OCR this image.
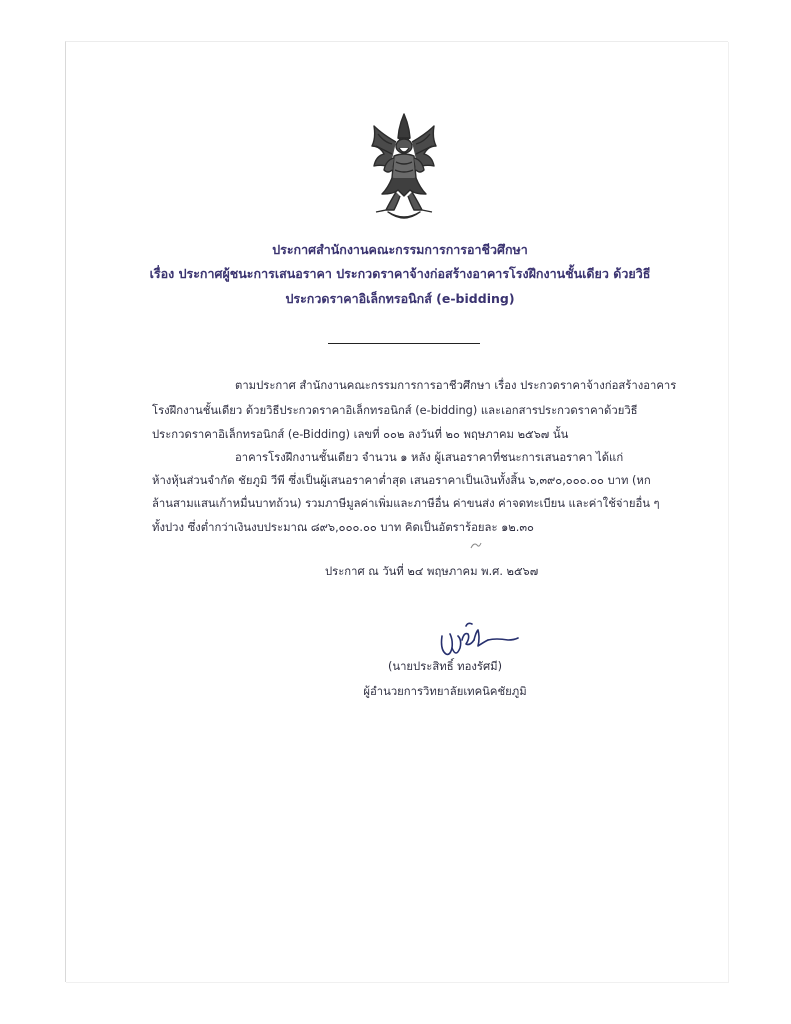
ประกาศสำนักงานคณะกรรมการการอาชีวศึกษา
เรื่อง ประกาศผู้ชนะการเสนอราคา ประกวดราคาจ้างก่อสร้างอาคารโรงฝึกงานชั้นเดียว ด้วยวิธี
ประกวดราคาอิเล็กทรอนิกส์ (e-bidding)
ตามประกาศ สำนักงานคณะกรรมการการอาชีวศึกษา เรื่อง ประกวดราคาจ้างก่อสร้างอาคาร
โรงฝึกงานชั้นเดียว ด้วยวิธีประกวดราคาอิเล็กทรอนิกส์ (e-bidding) และเอกสารประกวดราคาด้วยวิธี
ประกวดราคาอิเล็กทรอนิกส์ (e-Bidding) เลขที่ ๐๐๒ ลงวันที่ ๒๐ พฤษภาคม ๒๕๖๗ นั้น
อาคารโรงฝึกงานชั้นเดียว จำนวน ๑ หลัง ผู้เสนอราคาที่ชนะการเสนอราคา ได้แก่
ห้างหุ้นส่วนจำกัด ชัยภูมิ วีพี ซึ่งเป็นผู้เสนอราคาต่ำสุด เสนอราคาเป็นเงินทั้งสิ้น ๖,๓๙๐,๐๐๐.๐๐ บาท (หก
ล้านสามแสนเก้าหมื่นบาทถ้วน) รวมภาษีมูลค่าเพิ่มและภาษีอื่น ค่าขนส่ง ค่าจดทะเบียน และค่าใช้จ่ายอื่น ๆ
ทั้งปวง ซึ่งต่ำกว่าเงินงบประมาณ ๘๙๖,๐๐๐.๐๐ บาท คิดเป็นอัตราร้อยละ ๑๒.๓๐
ประกาศ ณ วันที่ ๒๔ พฤษภาคม พ.ศ. ๒๕๖๗
(นายประสิทธิ์ ทองรัศมี)
ผู้อำนวยการวิทยาลัยเทคนิคชัยภูมิ
